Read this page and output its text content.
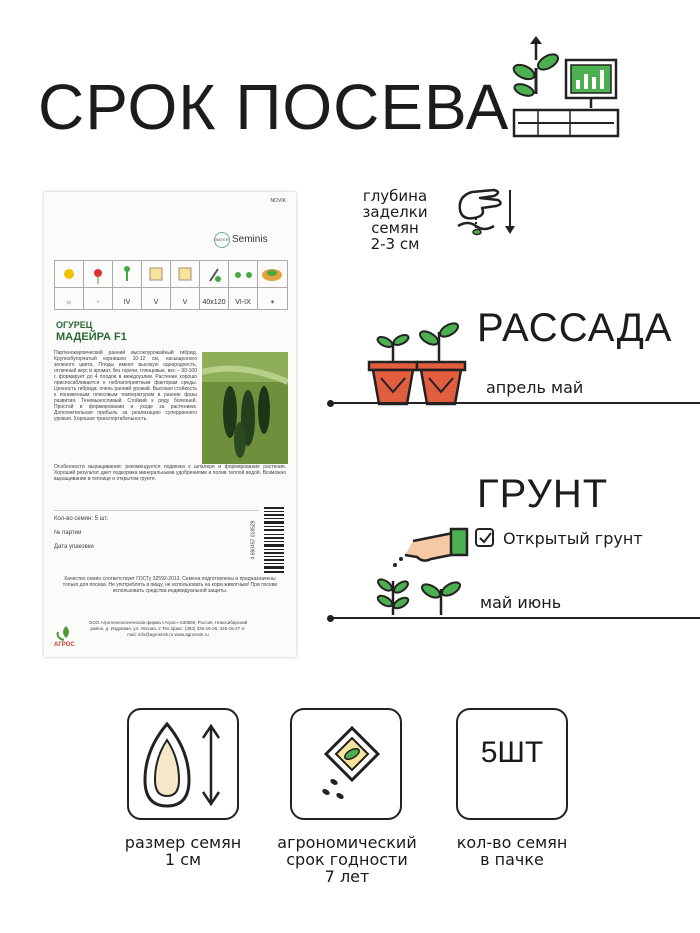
СРОК ПОСЕВА
NOVIK
BAYER Seminis
☼	-	IV	V	V	40x120	VI-IX	☀
ОГУРЕЦ
МАДЕЙРА F1
Партенокарпический ранний высокоурожайный гибрид. Крупнобугорчатый корнишон 10-12 см, насыщенного зеленого цвета. Плоды имеют высокую однородность, отличный вкус и аромат, без горечи, глянцевые, вес – 90-100 г, формирует до 4 плодов в междоузлии. Растение хорошо приспосабливается к неблагоприятным факторам среды. Ценность гибрида: очень ранний урожай. Высокая стойкость к пониженным плюсовым температурам в ранние фазы развития. Теневыносливый. Стойкий к ряду болезней. Простой в формировании и уходе за растением. Дополнительная прибыль за реализацию суперраннего урожая. Хорошая транспортабельность.
Особенности выращивания: рекомендуется подвязка к шпалере и формирование растения. Хороший результат дает подкормка минеральными удобрениями и полив теплой водой. Возможно выращивание в теплице и открытом грунте.
Кол-во семян: 5 шт.
№ партии
Дата упаковки	4 690457 018529
Качество семян соответствует ГОСТу 32592-2013. Семена подготовлены и предназначены только для посева. Не употреблять в пищу, не использовать на корм животным! При посеве использовать средства индивидуальной защиты.
АГРОС
ООО Агротехнологическая фирма «Агрос» 630558, Россия, Новосибирский район, д. Издревая, ул. Лесная, 2 Тел./факс: (383) 325-16-26, 325-16-27 e-mail: info@agrosnsk.ru www.agrosnsk.ru
глубина
заделки
семян
2-3 см
РАССАДА
апрель май
ГРУНТ
Открытый грунт
май июнь
5ШТ
размер семян
1 см
агрономический
срок годности
7 лет
кол-во семян
в пачке
